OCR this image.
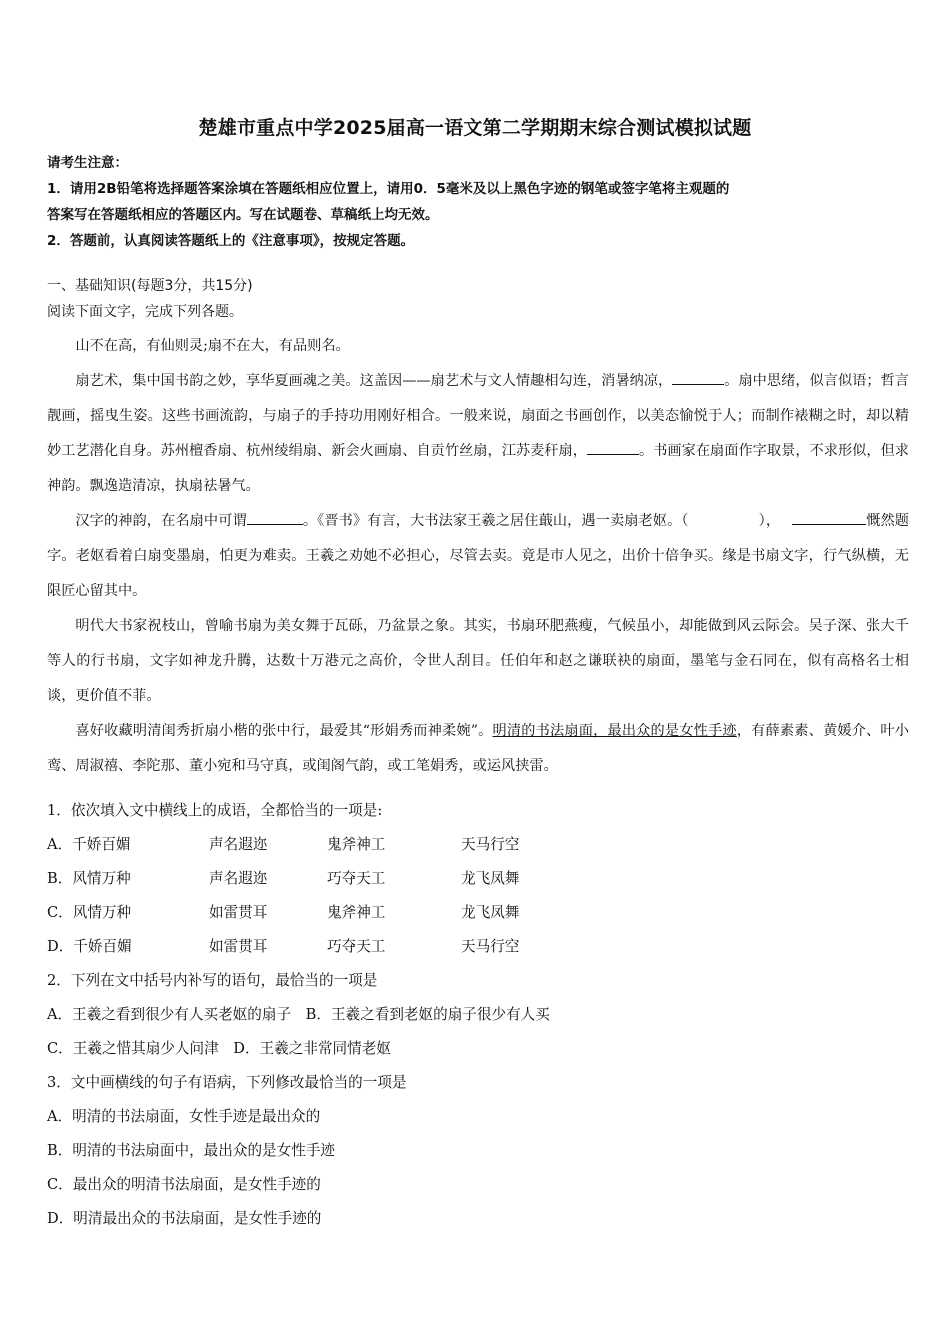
楚雄市重点中学2025届高一语文第二学期期末综合测试模拟试题
请考生注意：
1．请用2B铅笔将选择题答案涂填在答题纸相应位置上，请用0．5毫米及以上黑色字迹的钢笔或签字笔将主观题的
答案写在答题纸相应的答题区内。写在试题卷、草稿纸上均无效。
2．答题前，认真阅读答题纸上的《注意事项》，按规定答题。
一、基础知识(每题3分，共15分)
阅读下面文字，完成下列各题。

山不在高，有仙则灵;扇不在大，有品则名。

扇艺术，集中国书韵之妙，享华夏画魂之美。这盖因——扇艺术与文人情趣相勾连，消暑纳凉，	。扇中思绪，似言似语；哲言靓画，摇曳生姿。这些书画流韵，与扇子的手持功用刚好相合。一般来说，扇面之书画创作，以美态愉悦于人；而制作裱糊之时，却以精妙工艺潜化自身。苏州檀香扇、杭州绫绢扇、新会火画扇、自贡竹丝扇，江苏麦秆扇，	。书画家在扇面作字取景，不求形似，但求神韵。飘逸造清凉，执扇祛暑气。

汉字的神韵，在名扇中可谓	。《晋书》有言，大书法家王羲之居住蕺山，遇一卖扇老妪。（	），	慨然题字。老妪看着白扇变墨扇，怕更为难卖。王羲之劝她不必担心，尽管去卖。竟是市人见之，出价十倍争买。缘是书扇文字，行气纵横，无限匠心留其中。

明代大书家祝枝山，曾喻书扇为美女舞于瓦砾，乃盆景之象。其实，书扇环肥燕瘦，气候虽小，却能做到风云际会。吴子深、张大千等人的行书扇，文字如神龙升腾，达数十万港元之高价，令世人刮目。任伯年和赵之谦联袂的扇面，墨笔与金石同在，似有高格名士相谈，更价值不菲。

喜好收藏明清闺秀折扇小楷的张中行，最爱其“形娟秀而神柔婉”。明清的书法扇面，最出众的是女性手迹，有薛素素、黄媛介、叶小鸾、周淑禧、李陀那、董小宛和马守真，或闺阁气韵，或工笔娟秀，或运风挟雷。

1．依次填入文中横线上的成语，全都恰当的一项是:
A．千娇百媚	声名遐迩	鬼斧神工	天马行空
B．风情万种	声名遐迩	巧夺天工	龙飞凤舞
C．风情万种	如雷贯耳	鬼斧神工	龙飞凤舞
D．千娇百媚	如雷贯耳	巧夺天工	天马行空
2．下列在文中括号内补写的语句，最恰当的一项是
A．王羲之看到很少有人买老妪的扇子　B．王羲之看到老妪的扇子很少有人买
C．王羲之惜其扇少人问津　D．王羲之非常同情老妪
3．文中画横线的句子有语病，下列修改最恰当的一项是
A．明清的书法扇面，女性手迹是最出众的
B．明清的书法扇面中，最出众的是女性手迹
C．最出众的明清书法扇面，是女性手迹的
D．明清最出众的书法扇面，是女性手迹的
